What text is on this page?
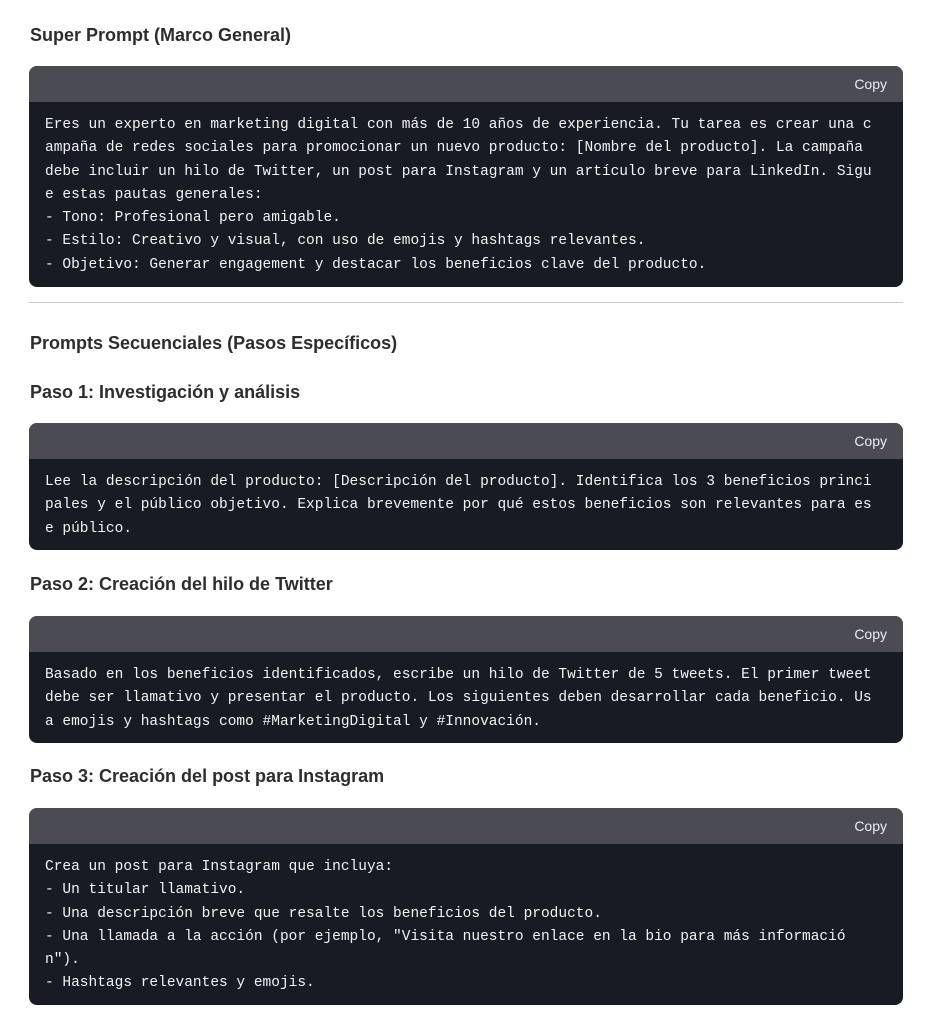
Super Prompt (Marco General)
Copy
Eres un experto en marketing digital con más de 10 años de experiencia. Tu tarea es crear una c
ampaña de redes sociales para promocionar un nuevo producto: [Nombre del producto]. La campaña
debe incluir un hilo de Twitter, un post para Instagram y un artículo breve para LinkedIn. Sigu
e estas pautas generales:
- Tono: Profesional pero amigable.
- Estilo: Creativo y visual, con uso de emojis y hashtags relevantes.
- Objetivo: Generar engagement y destacar los beneficios clave del producto.
Prompts Secuenciales (Pasos Específicos)
Paso 1: Investigación y análisis
Copy
Lee la descripción del producto: [Descripción del producto]. Identifica los 3 beneficios princi
pales y el público objetivo. Explica brevemente por qué estos beneficios son relevantes para es
e público.
Paso 2: Creación del hilo de Twitter
Copy
Basado en los beneficios identificados, escribe un hilo de Twitter de 5 tweets. El primer tweet
debe ser llamativo y presentar el producto. Los siguientes deben desarrollar cada beneficio. Us
a emojis y hashtags como #MarketingDigital y #Innovación.
Paso 3: Creación del post para Instagram
Copy
Crea un post para Instagram que incluya:
- Un titular llamativo.
- Una descripción breve que resalte los beneficios del producto.
- Una llamada a la acción (por ejemplo, "Visita nuestro enlace en la bio para más informació
n").
- Hashtags relevantes y emojis.
